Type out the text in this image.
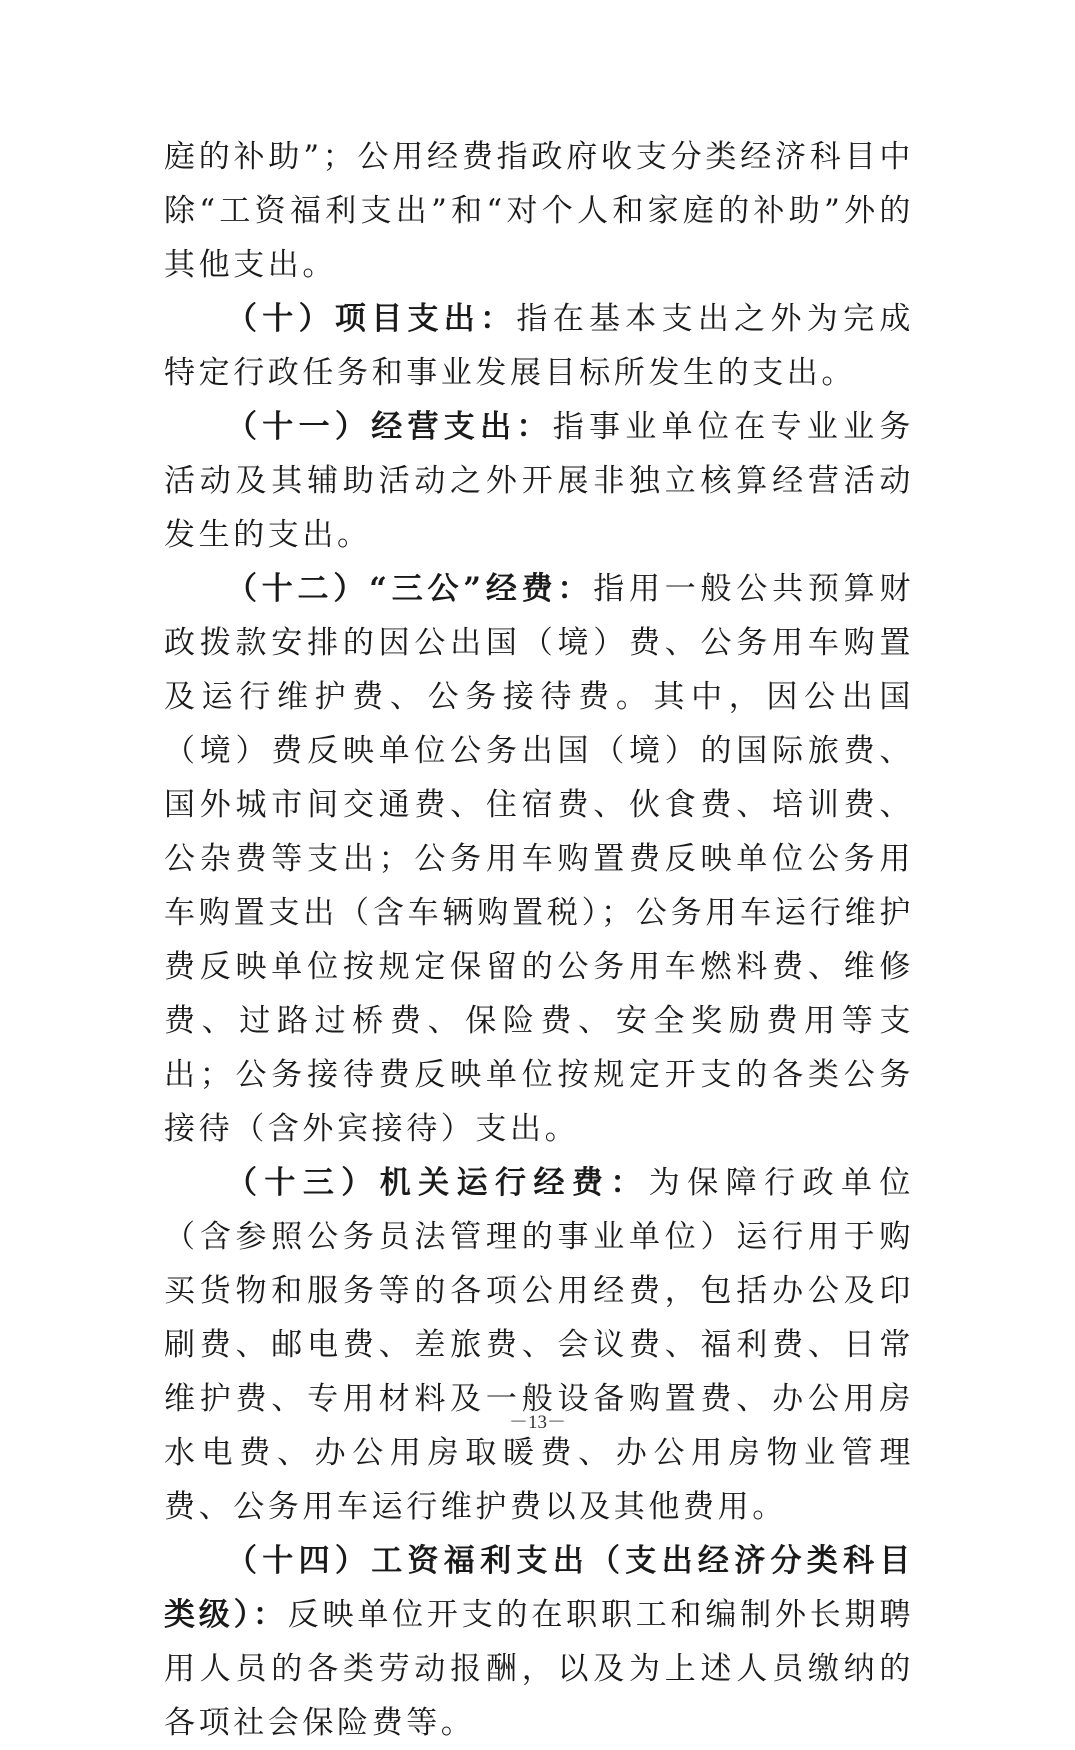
庭的补助”；公用经费指政府收支分类经济科目中除“工资福利支出”和“对个人和家庭的补助”外的其他支出。

（十）项目支出：指在基本支出之外为完成特定行政任务和事业发展目标所发生的支出。

（十一）经营支出：指事业单位在专业业务活动及其辅助活动之外开展非独立核算经营活动发生的支出。

（十二）“三公”经费：指用一般公共预算财政拨款安排的因公出国（境）费、公务用车购置及运行维护费、公务接待费。其中，因公出国（境）费反映单位公务出国（境）的国际旅费、国外城市间交通费、住宿费、伙食费、培训费、公杂费等支出；公务用车购置费反映单位公务用车购置支出（含车辆购置税）；公务用车运行维护费反映单位按规定保留的公务用车燃料费、维修费、过路过桥费、保险费、安全奖励费用等支出；公务接待费反映单位按规定开支的各类公务接待（含外宾接待）支出。

（十三）机关运行经费：为保障行政单位（含参照公务员法管理的事业单位）运行用于购买货物和服务等的各项公用经费，包括办公及印刷费、邮电费、差旅费、会议费、福利费、日常维护费、专用材料及一般设备购置费、办公用房水电费、办公用房取暖费、办公用房物业管理费、公务用车运行维护费以及其他费用。

（十四）工资福利支出（支出经济分类科目类级）：反映单位开支的在职职工和编制外长期聘用人员的各类劳动报酬，以及为上述人员缴纳的各项社会保险费等。

－13－
